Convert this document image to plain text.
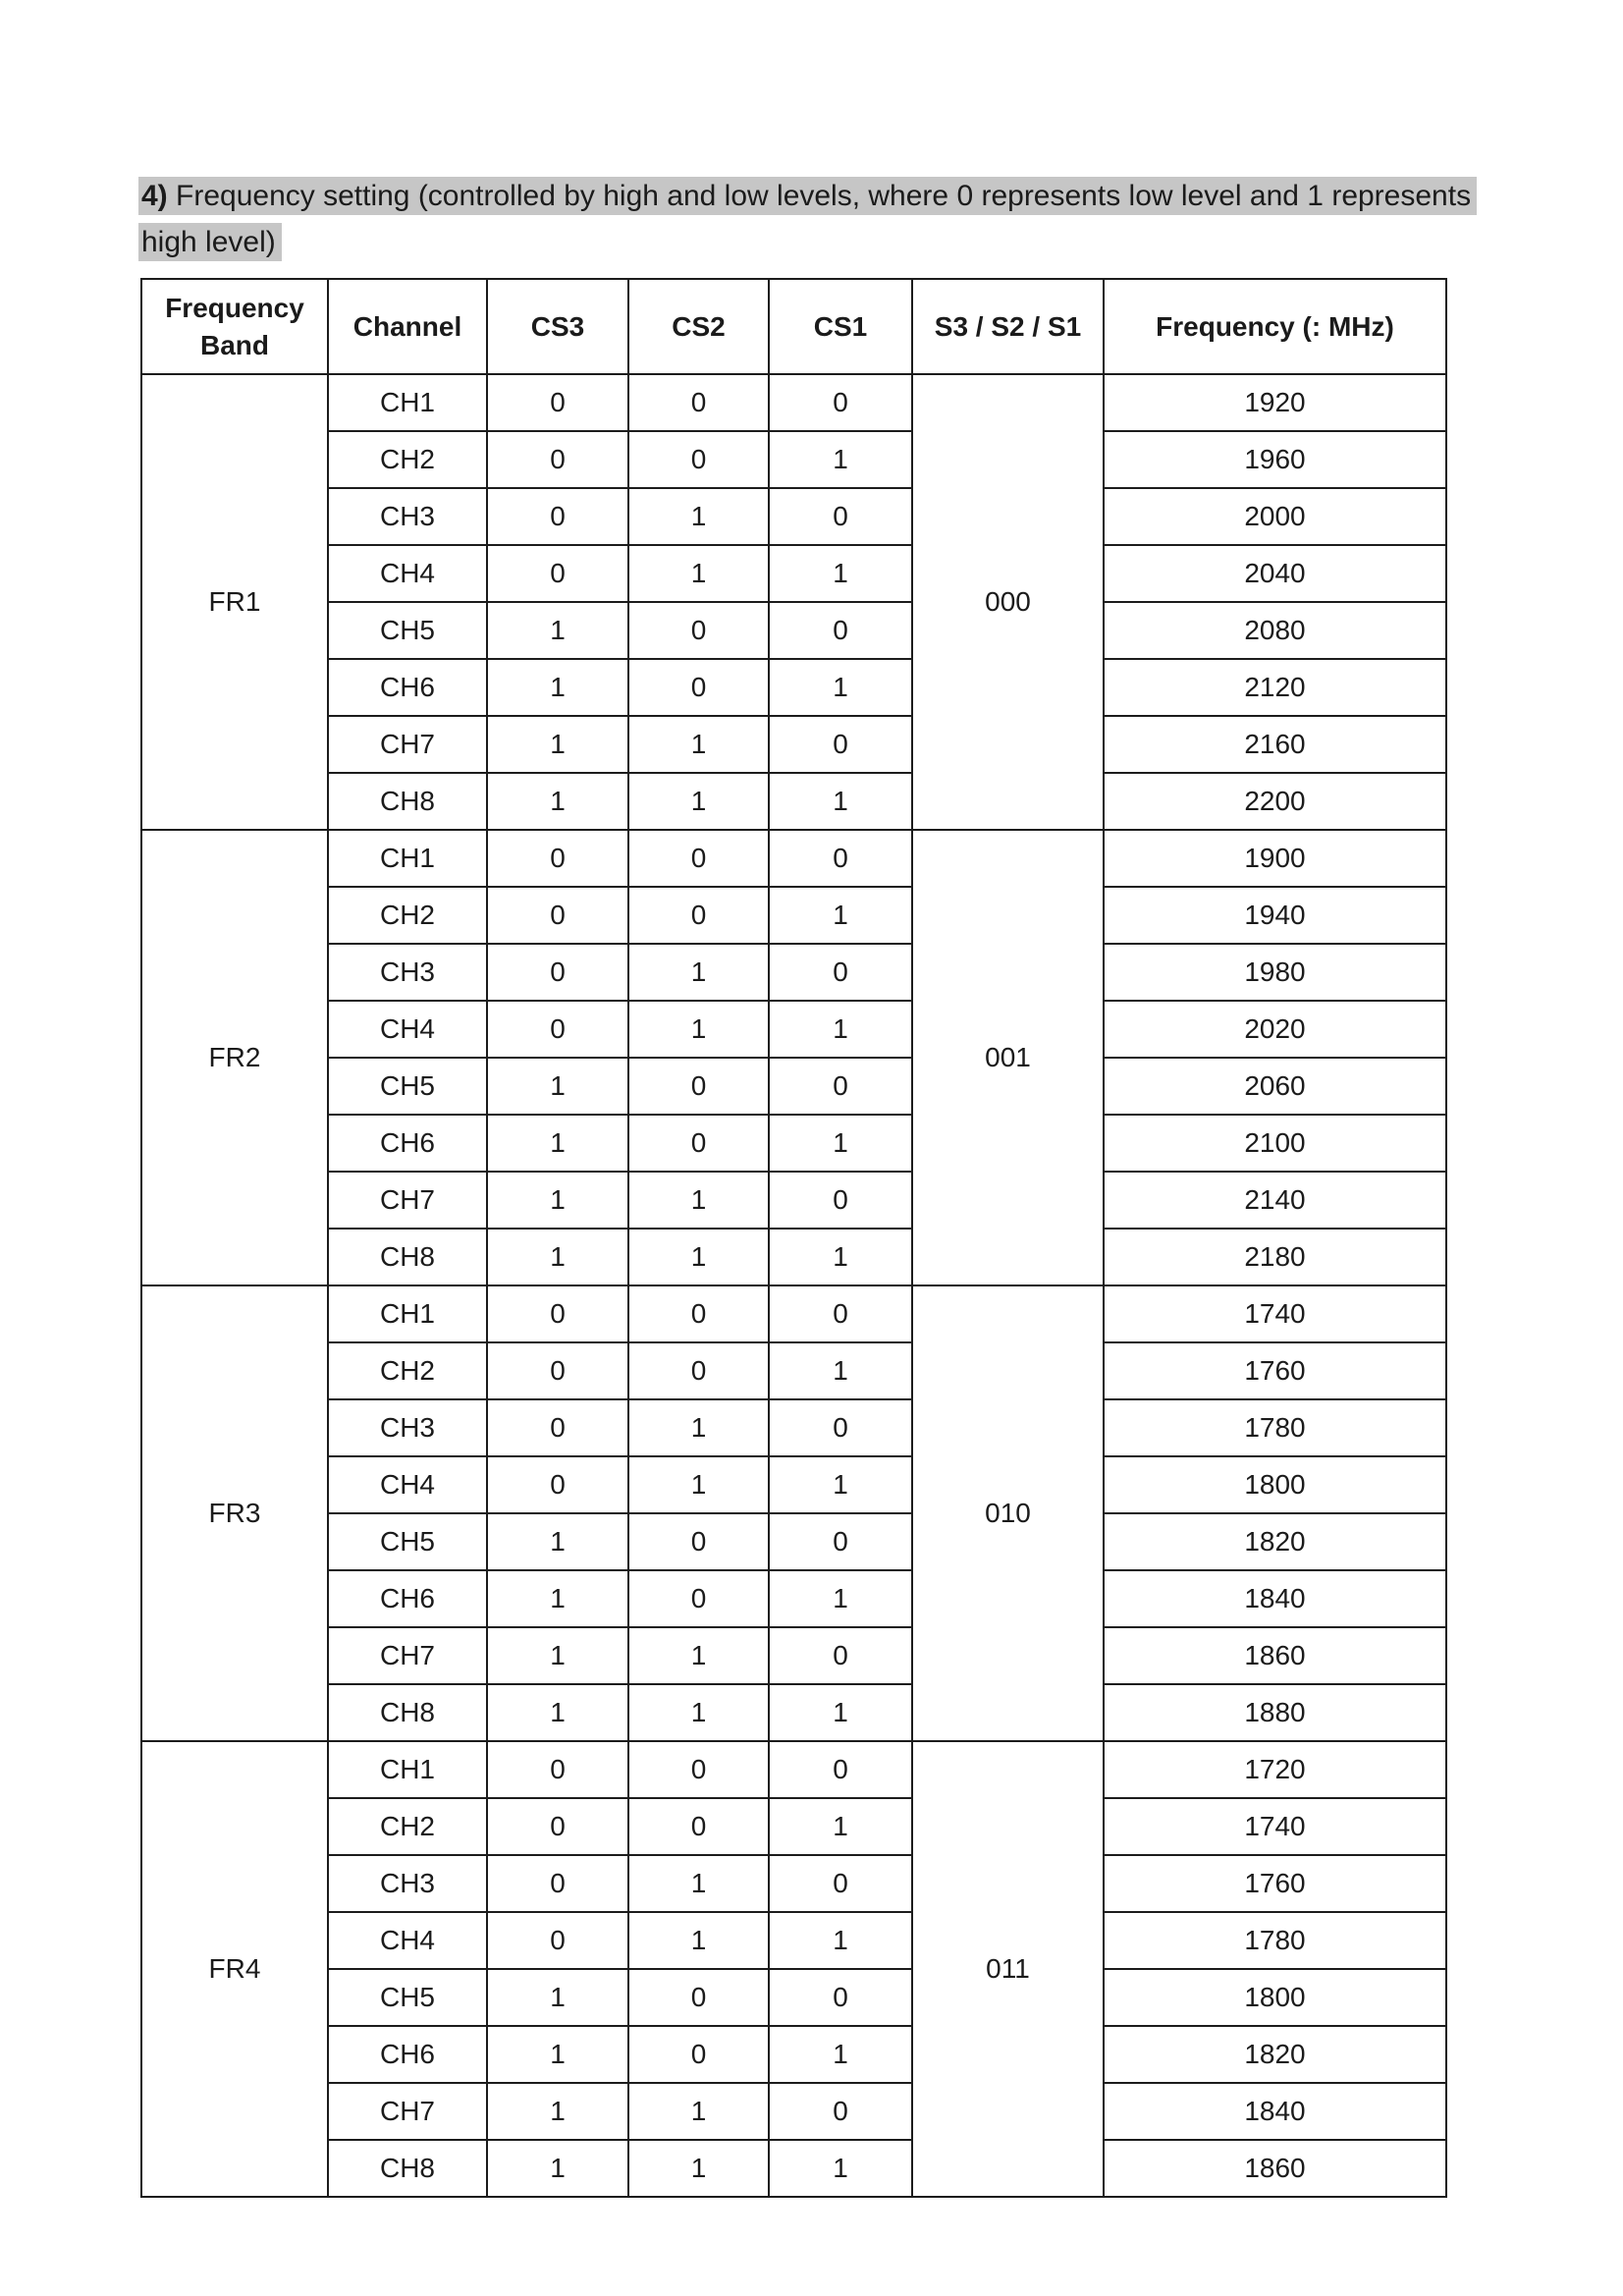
4) Frequency setting (controlled by high and low levels, where 0 represents low level and 1 represents
high level)
Frequency Band	Channel	CS3	CS2	CS1	S3 / S2 / S1	Frequency (: MHz)
FR1	CH1	0	0	0	000	1920
	CH2	0	0	1		1960
	CH3	0	1	0		2000
	CH4	0	1	1		2040
	CH5	1	0	0		2080
	CH6	1	0	1		2120
	CH7	1	1	0		2160
	CH8	1	1	1		2200
FR2	CH1	0	0	0	001	1900
	CH2	0	0	1		1940
	CH3	0	1	0		1980
	CH4	0	1	1		2020
	CH5	1	0	0		2060
	CH6	1	0	1		2100
	CH7	1	1	0		2140
	CH8	1	1	1		2180
FR3	CH1	0	0	0	010	1740
	CH2	0	0	1		1760
	CH3	0	1	0		1780
	CH4	0	1	1		1800
	CH5	1	0	0		1820
	CH6	1	0	1		1840
	CH7	1	1	0		1860
	CH8	1	1	1		1880
FR4	CH1	0	0	0	011	1720
	CH2	0	0	1		1740
	CH3	0	1	0		1760
	CH4	0	1	1		1780
	CH5	1	0	0		1800
	CH6	1	0	1		1820
	CH7	1	1	0		1840
	CH8	1	1	1		1860
